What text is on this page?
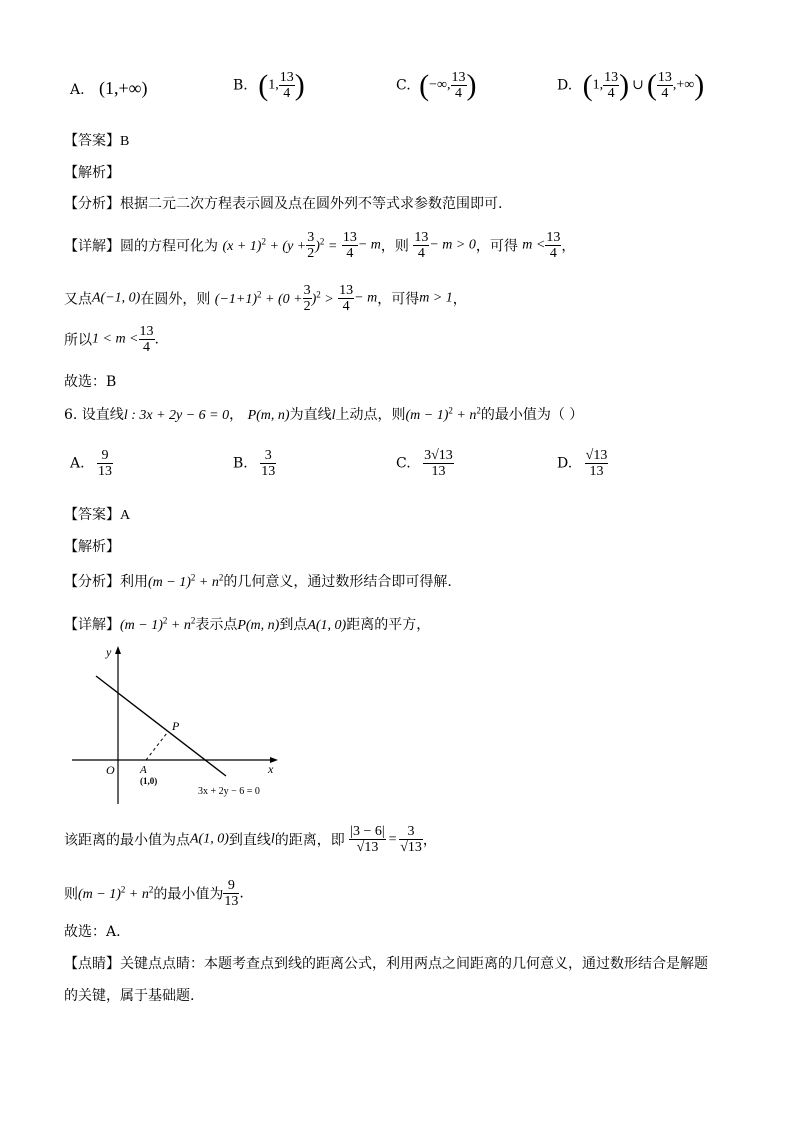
A. (1,+∞)	B. (1, $\frac{13}{4}$ )	C. (−∞, $\frac{13}{4}$ )	D. (1, $\frac{13}{4}$ ) ∪ ( $\frac{13}{4}$ ,+∞)
【答案】B
【解析】
【分析】根据二元二次方程表示圆及点在圆外列不等式求参数范围即可.
【详解】圆的方程可化为 $(x + 1)^2 + (y + \frac{3}{2} )^2 = \frac{13}{4} - m$，则 $\frac{13}{4} - m > 0$，可得 $m < \frac{13}{4}$ ，
又点A(−1, 0)在圆外，则 $(-1+1)^2 + (0 + \frac{3}{2} )^2 > \frac{13}{4} - m$，可得m > 1，
所以$1 < m < \frac{13}{4}$ .
故选：B
6. 设直线l : 3x + 2y − 6 = 0， P(m, n)为直线l上动点，则$(m - 1)^2 + n^2$的最小值为（ ）
A. $\frac{9}{13}$	B. $\frac{3}{13}$	C. $\frac{3√13}{13}$	D. $\frac{√13}{13}$
【答案】A
【解析】
【分析】利用$(m - 1)^2 + n^2$的几何意义，通过数形结合即可得解.
【详解】$(m - 1)^2 + n^2$表示点P(m, n)到点A(1, 0)距离的平方，
y
x
O
P
A
(1,0)
3x + 2y − 6 = 0
该距离的最小值为点A(1, 0)到直线l的距离，即 $\frac{|3 - 6|}{√13} = \frac{3}{√13}$ ，
则$(m - 1)^2 + n^2$的最小值为 $\frac{9}{13}$ .
故选：A.
【点睛】关键点点睛：本题考查点到线的距离公式，利用两点之间距离的几何意义，通过数形结合是解题
的关键，属于基础题.
